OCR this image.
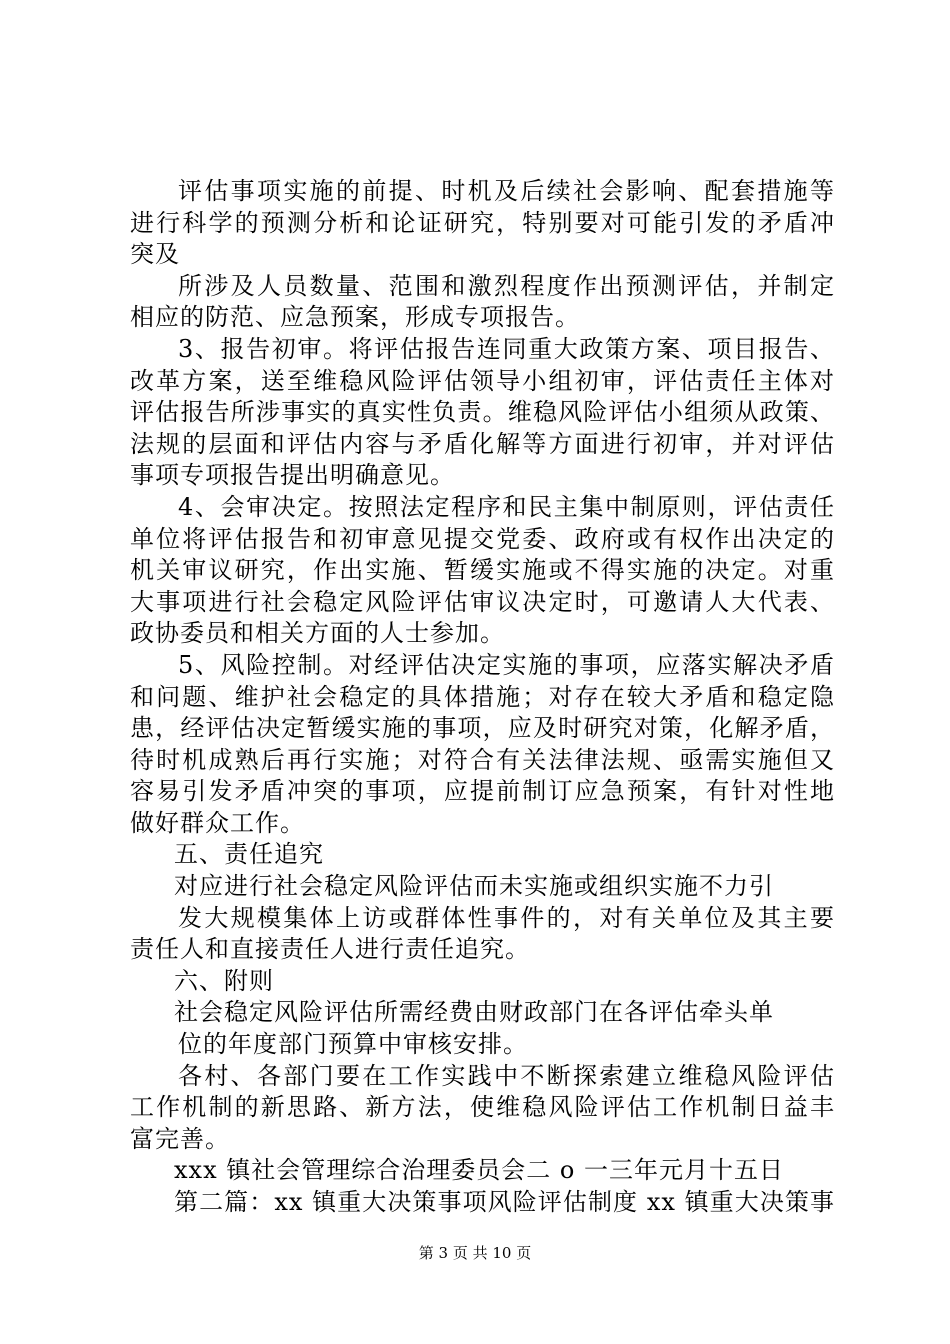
评估事项实施的前提、时机及后续社会影响、配套措施等
进行科学的预测分析和论证研究，特别要对可能引发的矛盾冲
突及
所涉及人员数量、范围和激烈程度作出预测评估，并制定
相应的防范、应急预案，形成专项报告。
3、报告初审。将评估报告连同重大政策方案、项目报告、
改革方案，送至维稳风险评估领导小组初审，评估责任主体对
评估报告所涉事实的真实性负责。维稳风险评估小组须从政策、
法规的层面和评估内容与矛盾化解等方面进行初审，并对评估
事项专项报告提出明确意见。
4、会审决定。按照法定程序和民主集中制原则，评估责任
单位将评估报告和初审意见提交党委、政府或有权作出决定的
机关审议研究，作出实施、暂缓实施或不得实施的决定。对重
大事项进行社会稳定风险评估审议决定时，可邀请人大代表、
政协委员和相关方面的人士参加。
5、风险控制。对经评估决定实施的事项，应落实解决矛盾
和问题、维护社会稳定的具体措施；对存在较大矛盾和稳定隐
患，经评估决定暂缓实施的事项，应及时研究对策，化解矛盾，
待时机成熟后再行实施；对符合有关法律法规、亟需实施但又
容易引发矛盾冲突的事项，应提前制订应急预案，有针对性地
做好群众工作。
五、责任追究
对应进行社会稳定风险评估而未实施或组织实施不力引
发大规模集体上访或群体性事件的，对有关单位及其主要
责任人和直接责任人进行责任追究。
六、附则
社会稳定风险评估所需经费由财政部门在各评估牵头单
位的年度部门预算中审核安排。
各村、各部门要在工作实践中不断探索建立维稳风险评估
工作机制的新思路、新方法，使维稳风险评估工作机制日益丰
富完善。
xxx 镇社会管理综合治理委员会二 o 一三年元月十五日
第二篇：xx 镇重大决策事项风险评估制度 xx 镇重大决策事
第 3 页 共 10 页
